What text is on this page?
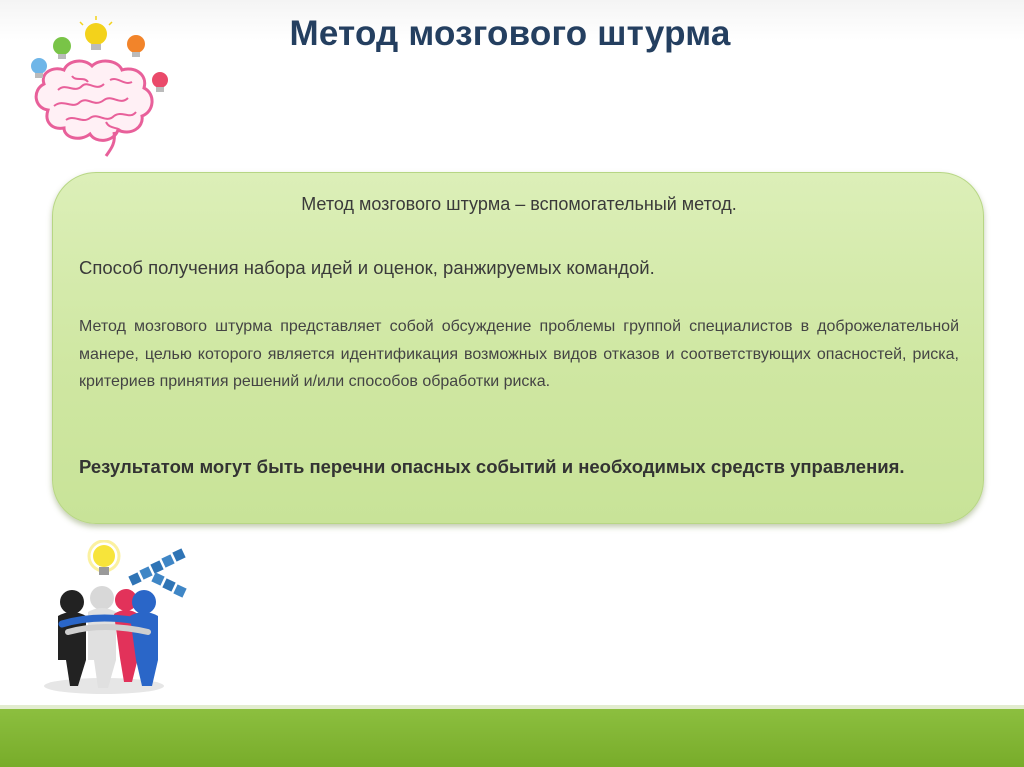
Метод мозгового штурма
Метод мозгового штурма – вспомогательный метод.
Способ получения набора идей и оценок, ранжируемых командой.
Метод мозгового штурма представляет собой обсуждение проблемы группой специалистов в доброжелательной манере, целью которого является идентификация возможных видов отказов и соответствующих опасностей, риска, критериев принятия решений и/или способов обработки риска.
Результатом могут быть перечни опасных событий и необходимых средств управления.
